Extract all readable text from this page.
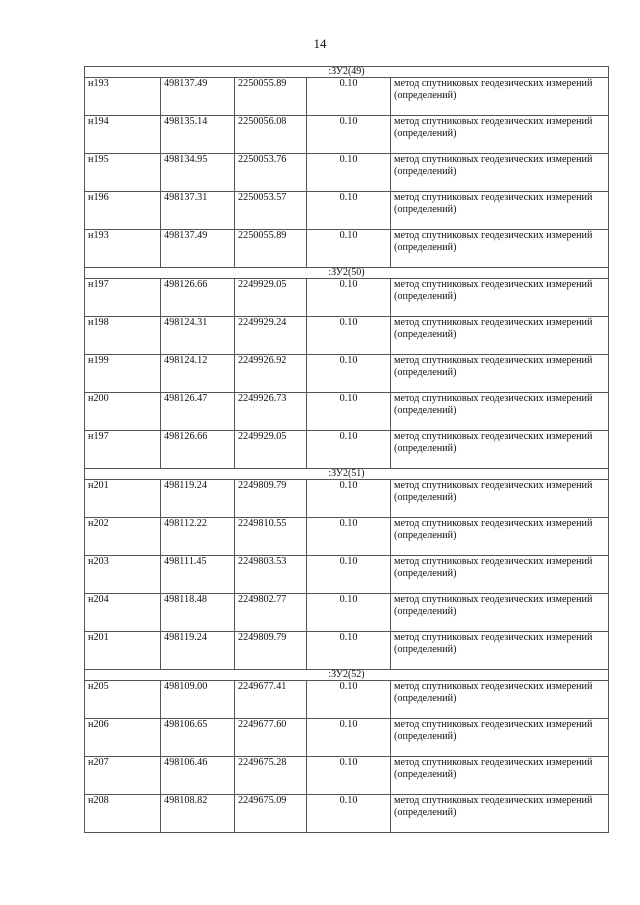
14
:ЗУ2(49)				
н193	498137.49	2250055.89	0.10	метод спутниковых геодезических измерений (определений)
н194	498135.14	2250056.08	0.10	метод спутниковых геодезических измерений (определений)
н195	498134.95	2250053.76	0.10	метод спутниковых геодезических измерений (определений)
н196	498137.31	2250053.57	0.10	метод спутниковых геодезических измерений (определений)
н193	498137.49	2250055.89	0.10	метод спутниковых геодезических измерений (определений)
:ЗУ2(50)				
н197	498126.66	2249929.05	0.10	метод спутниковых геодезических измерений (определений)
н198	498124.31	2249929.24	0.10	метод спутниковых геодезических измерений (определений)
н199	498124.12	2249926.92	0.10	метод спутниковых геодезических измерений (определений)
н200	498126.47	2249926.73	0.10	метод спутниковых геодезических измерений (определений)
н197	498126.66	2249929.05	0.10	метод спутниковых геодезических измерений (определений)
:ЗУ2(51)				
н201	498119.24	2249809.79	0.10	метод спутниковых геодезических измерений (определений)
н202	498112.22	2249810.55	0.10	метод спутниковых геодезических измерений (определений)
н203	498111.45	2249803.53	0.10	метод спутниковых геодезических измерений (определений)
н204	498118.48	2249802.77	0.10	метод спутниковых геодезических измерений (определений)
н201	498119.24	2249809.79	0.10	метод спутниковых геодезических измерений (определений)
:ЗУ2(52)				
н205	498109.00	2249677.41	0.10	метод спутниковых геодезических измерений (определений)
н206	498106.65	2249677.60	0.10	метод спутниковых геодезических измерений (определений)
н207	498106.46	2249675.28	0.10	метод спутниковых геодезических измерений (определений)
н208	498108.82	2249675.09	0.10	метод спутниковых геодезических измерений (определений)
